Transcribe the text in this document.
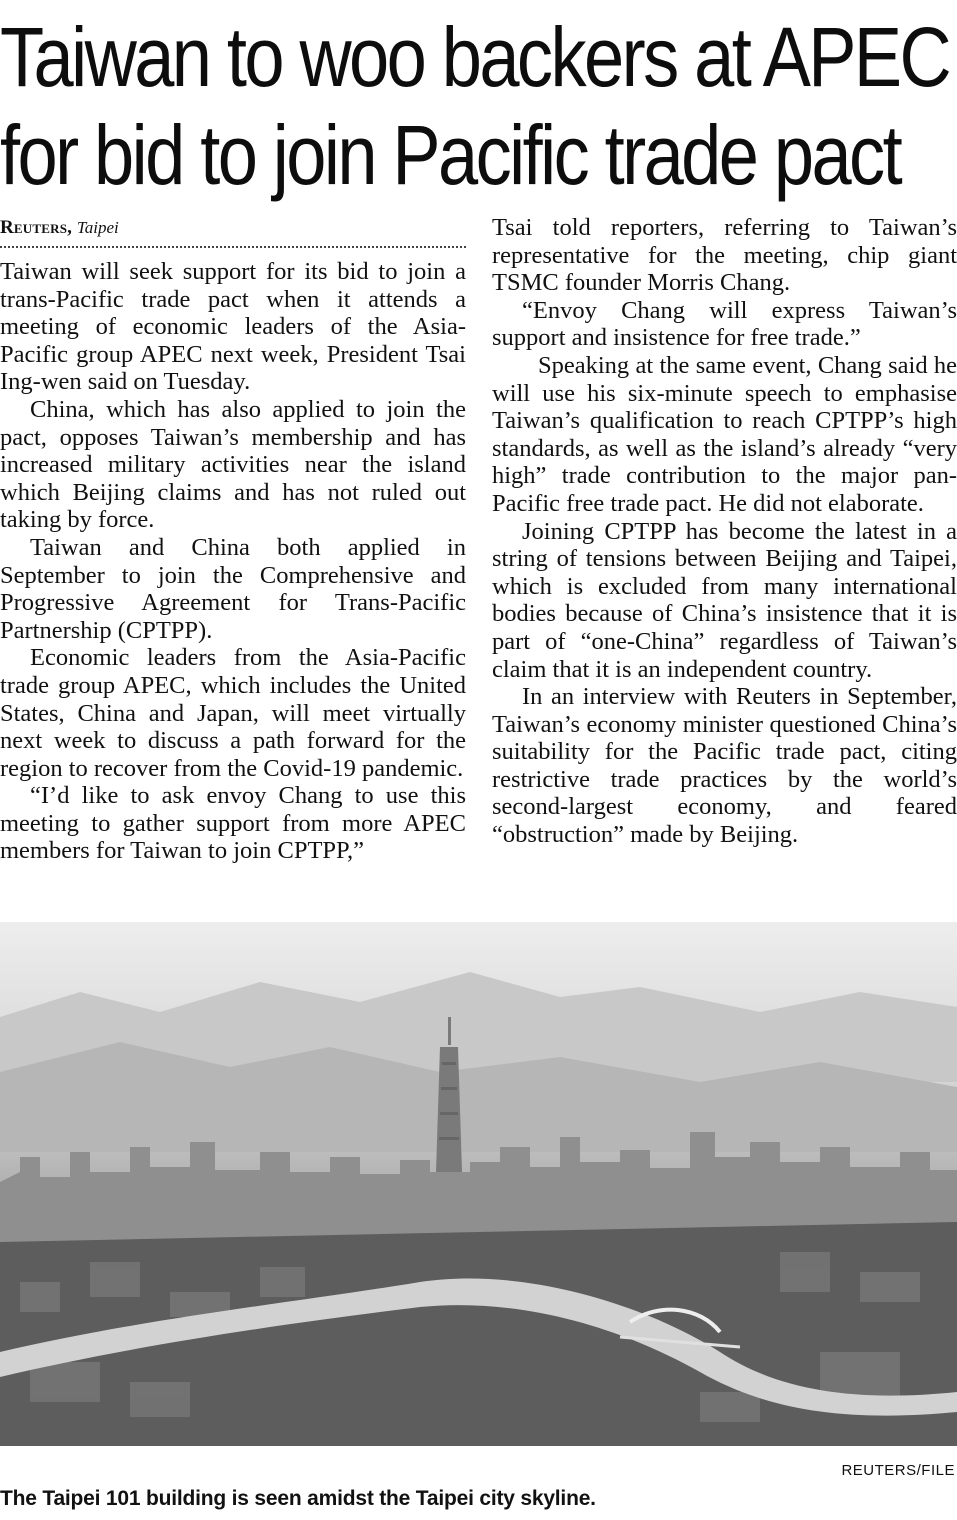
Taiwan to woo backers at APEC
for bid to join Pacific trade pact
Reuters, Taipei

Taiwan will seek support for its bid to join a trans-Pacific trade pact when it attends a meeting of economic leaders of the Asia-Pacific group APEC next week, President Tsai Ing-wen said on Tuesday.

China, which has also applied to join the pact, opposes Taiwan’s membership and has increased military activities near the island which Beijing claims and has not ruled out taking by force.

Taiwan and China both applied in September to join the Comprehensive and Progressive Agreement for Trans-Pacific Partnership (CPTPP).

Economic leaders from the Asia-Pacific trade group APEC, which includes the United States, China and Japan, will meet virtually next week to discuss a path forward for the region to recover from the Covid-19 pandemic.

“I’d like to ask envoy Chang to use this meeting to gather support from more APEC members for Taiwan to join CPTPP,”

Tsai told reporters, referring to Taiwan’s representative for the meeting, chip giant TSMC founder Morris Chang.

“Envoy Chang will express Taiwan’s support and insistence for free trade.”

Speaking at the same event, Chang said he will use his six-minute speech to emphasise Taiwan’s qualification to reach CPTPP’s high standards, as well as the island’s already “very high” trade contribution to the major pan-Pacific free trade pact. He did not elaborate.

Joining CPTPP has become the latest in a string of tensions between Beijing and Taipei, which is excluded from many international bodies because of China’s insistence that it is part of “one-China” regardless of Taiwan’s claim that it is an independent country.

In an interview with Reuters in September, Taiwan’s economy minister questioned China’s suitability for the Pacific trade pact, citing restrictive trade practices by the world’s second-largest economy, and feared “obstruction” made by Beijing.

REUTERS/FILE
The Taipei 101 building is seen amidst the Taipei city skyline.
